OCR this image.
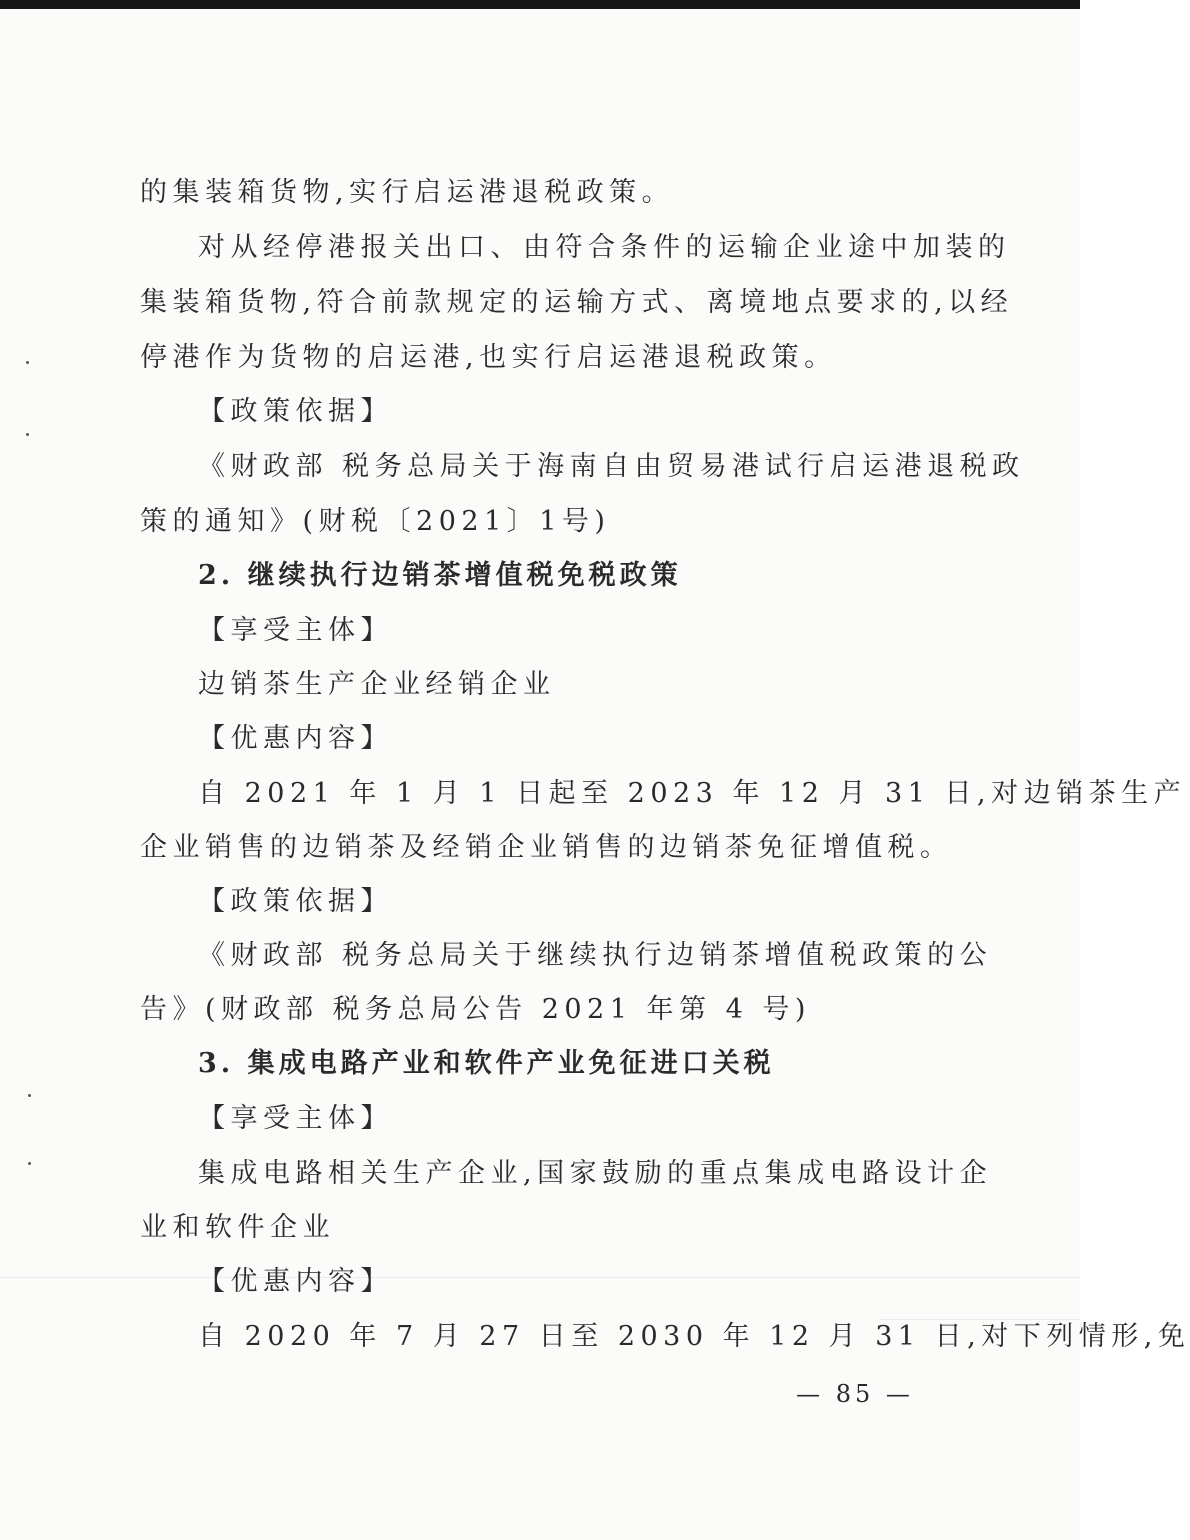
的集装箱货物,实行启运港退税政策。
对从经停港报关出口、由符合条件的运输企业途中加装的
集装箱货物,符合前款规定的运输方式、离境地点要求的,以经
停港作为货物的启运港,也实行启运港退税政策。
【政策依据】
《财政部 税务总局关于海南自由贸易港试行启运港退税政
策的通知》(财税〔2021〕1号)
2. 继续执行边销茶增值税免税政策
【享受主体】
边销茶生产企业经销企业
【优惠内容】
自 2021 年 1 月 1 日起至 2023 年 12 月 31 日,对边销茶生产
企业销售的边销茶及经销企业销售的边销茶免征增值税。
【政策依据】
《财政部 税务总局关于继续执行边销茶增值税政策的公
告》(财政部 税务总局公告 2021 年第 4 号)
3. 集成电路产业和软件产业免征进口关税
【享受主体】
集成电路相关生产企业,国家鼓励的重点集成电路设计企
业和软件企业
【优惠内容】
自 2020 年 7 月 27 日至 2030 年 12 月 31 日,对下列情形,免
— 85 —
